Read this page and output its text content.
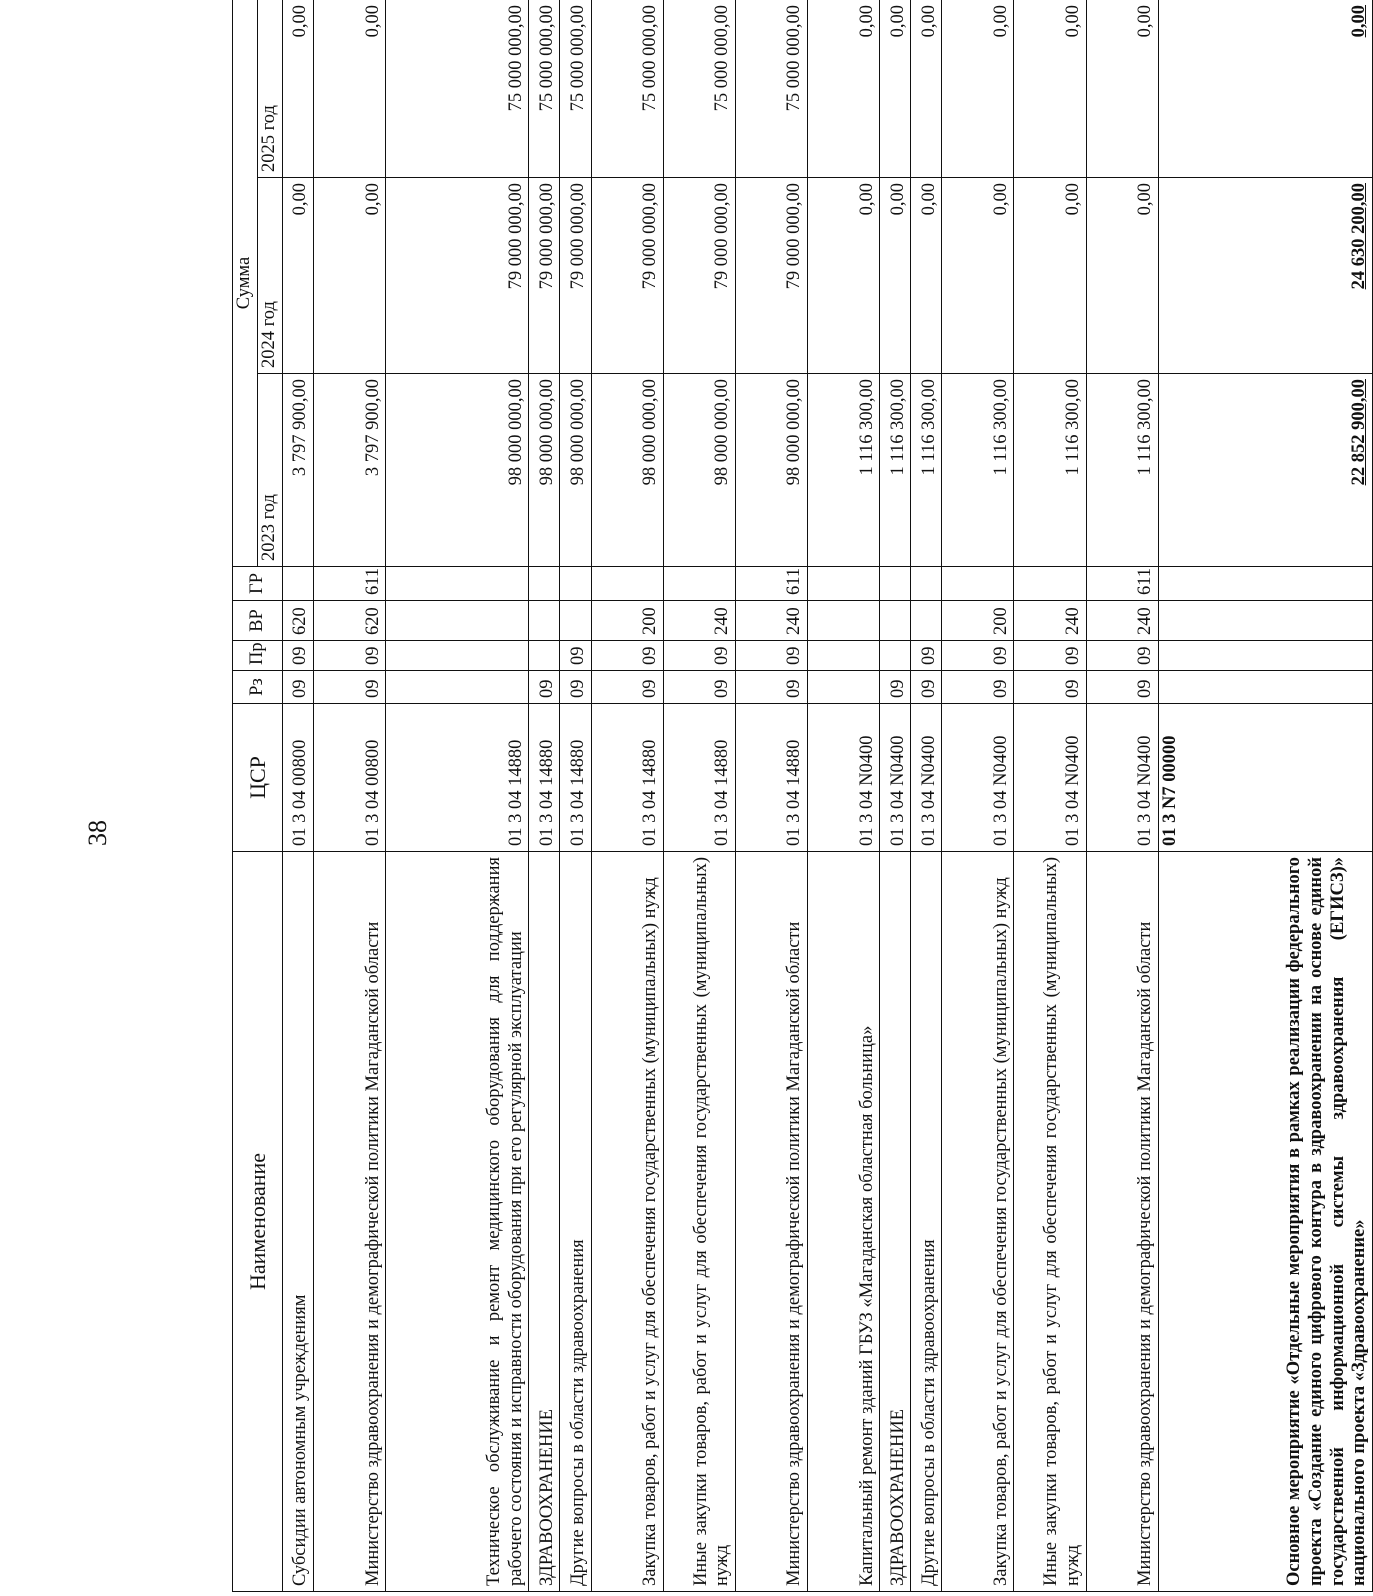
38
Наименование	ЦСР	Рз	Пр	ВР	ГР	Сумма		
						2023 год	2024 год	2025 год
Субсидии автономным учреждениям	01 3 04 00800	09	09	620		3 797 900,00	0,00	0,00
Министерство здравоохранения и демографической политики Магаданской области	01 3 04 00800	09	09	620	611	3 797 900,00	0,00	0,00
Техническое обслуживание и ремонт медицинского оборудования для поддержания рабочего состояния и исправности оборудования при его регулярной эксплуатации	01 3 04 14880					98 000 000,00	79 000 000,00	75 000 000,00
ЗДРАВООХРАНЕНИЕ	01 3 04 14880	09				98 000 000,00	79 000 000,00	75 000 000,00
Другие вопросы в области здравоохранения	01 3 04 14880	09	09			98 000 000,00	79 000 000,00	75 000 000,00
Закупка товаров, работ и услуг для обеспечения государственных (муниципальных) нужд	01 3 04 14880	09	09	200		98 000 000,00	79 000 000,00	75 000 000,00
Иные закупки товаров, работ и услуг для обеспечения государственных (муниципальных) нужд	01 3 04 14880	09	09	240		98 000 000,00	79 000 000,00	75 000 000,00
Министерство здравоохранения и демографической политики Магаданской области	01 3 04 14880	09	09	240	611	98 000 000,00	79 000 000,00	75 000 000,00
Капитальный ремонт зданий ГБУЗ «Магаданская областная больница»	01 3 04 N0400					1 116 300,00	0,00	0,00
ЗДРАВООХРАНЕНИЕ	01 3 04 N0400	09				1 116 300,00	0,00	0,00
Другие вопросы в области здравоохранения	01 3 04 N0400	09	09			1 116 300,00	0,00	0,00
Закупка товаров, работ и услуг для обеспечения государственных (муниципальных) нужд	01 3 04 N0400	09	09	200		1 116 300,00	0,00	0,00
Иные закупки товаров, работ и услуг для обеспечения государственных (муниципальных) нужд	01 3 04 N0400	09	09	240		1 116 300,00	0,00	0,00
Министерство здравоохранения и демографической политики Магаданской области	01 3 04 N0400	09	09	240	611	1 116 300,00	0,00	0,00
Основное мероприятие «Отдельные мероприятия в рамках реализации федерального проекта «Создание единого цифрового контура в здравоохранении на основе единой государственной информационной системы здравоохранения (ЕГИСЗ)» национального проекта «Здравоохранение»	01 3 N7 00000					22 852 900,00	24 630 200,00	0,00
